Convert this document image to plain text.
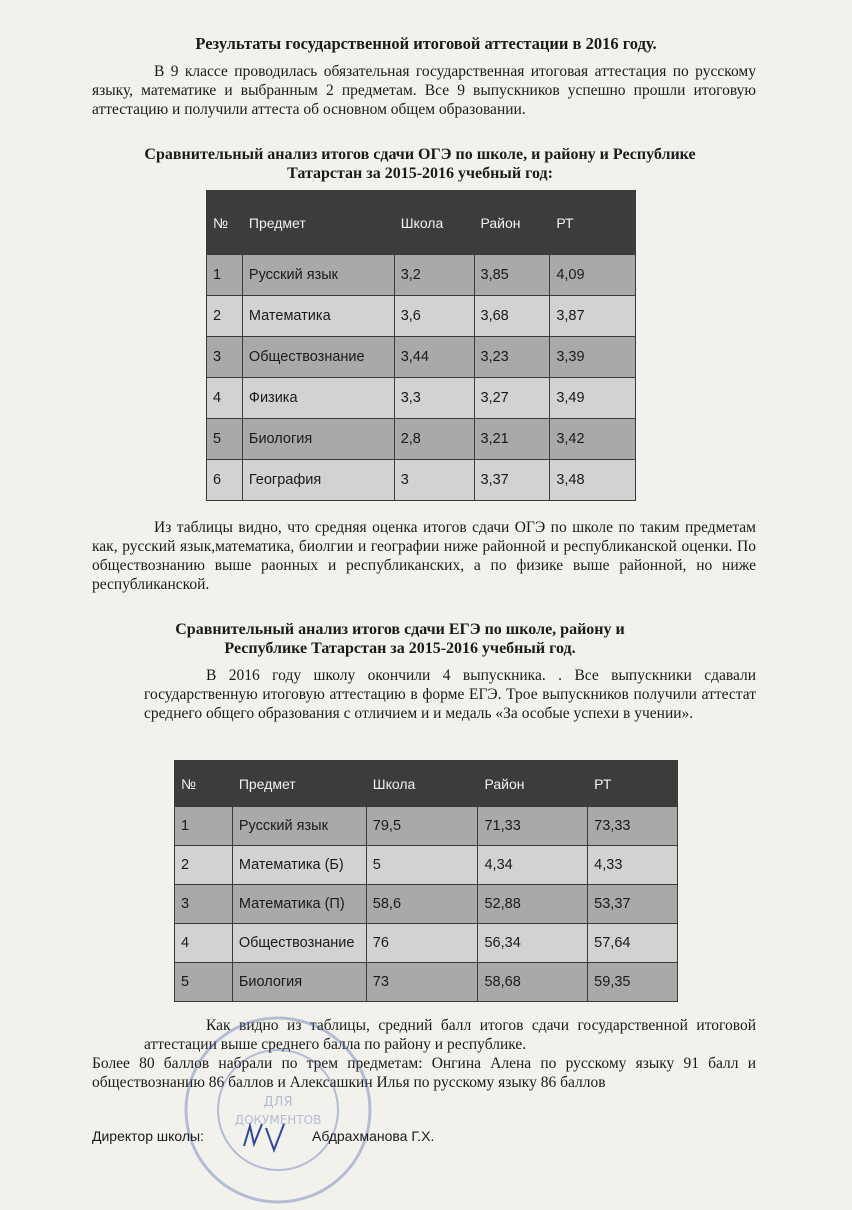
Результаты государственной итоговой аттестации в 2016 году.

В 9 классе проводилась обязательная государственная итоговая аттестация по русскому языку, математике и выбранным 2 предметам. Все 9 выпускников успешно прошли итоговую аттестацию и получили аттеста об основном общем образовании.

Сравнительный анализ итогов сдачи ОГЭ по школе, и району и Республике
Татарстан за 2015-2016 учебный год:
№	Предмет	Школа	Район	РТ
1	Русский язык	3,2	3,85	4,09
2	Математика	3,6	3,68	3,87
3	Обществознание	3,44	3,23	3,39
4	Физика	3,3	3,27	3,49
5	Биология	2,8	3,21	3,42
6	География	3	3,37	3,48

Из таблицы видно, что средняя оценка итогов сдачи ОГЭ по школе по таким предметам как, русский язык,математика, биолгии и географии ниже районной и республиканской оценки. По обществознанию выше раонных и республиканских, а по физике выше районной, но ниже республиканской.

Сравнительный анализ итогов сдачи ЕГЭ по школе, району и
Республике Татарстан за 2015-2016 учебный год.

В 2016 году школу окончили 4 выпускника. . Все выпускники сдавали государственную итоговую аттестацию в форме ЕГЭ. Трое выпускников получили аттестат среднего общего образования с отличием и и медаль «За особые успехи в учении».

№	Предмет	Школа	Район	РТ
1	Русский язык	79,5	71,33	73,33
2	Математика (Б)	5	4,34	4,33
3	Математика (П)	58,6	52,88	53,37
4	Обществознание	76	56,34	57,64
5	Биология	73	58,68	59,35

Как видно из таблицы, средний балл итогов сдачи государственной итоговой аттестации выше среднего балла по району и республике.

Более 80 баллов набрали по трем предметам: Онгина Алена по русскому языку 91 балл и обществознанию 86 баллов и Алексашкин Илья по русскому языку 86 баллов

ДЛЯ
ДОКУМЕНТОВ
Директор школы:	Абдрахманова Г.Х.
